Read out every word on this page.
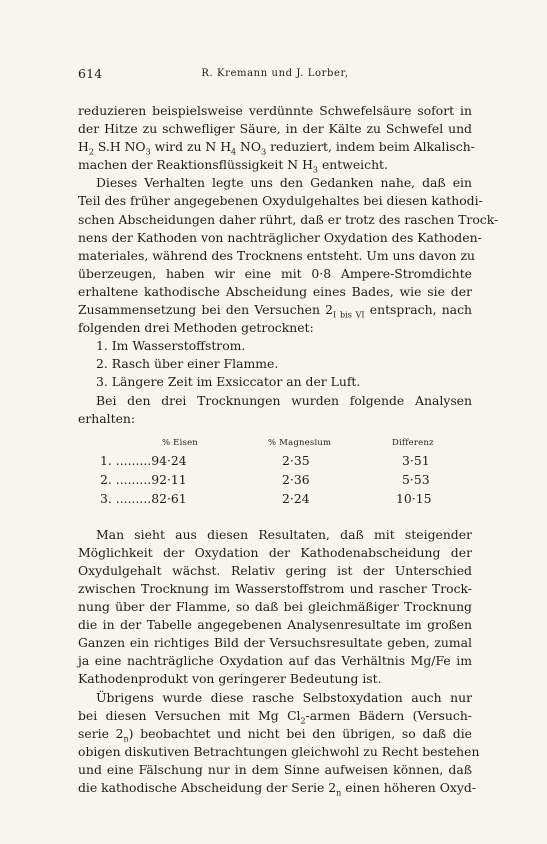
614	R. Kremann und J. Lorber,
reduzieren beispielsweise verdünnte Schwefelsäure sofort in
der Hitze zu schwefliger Säure, in der Kälte zu Schwefel und
$H_2$ S.H $NO_3$ wird zu N $H_4$ $NO_3$ reduziert, indem beim Alkalisch-
machen der Reaktionsflüssigkeit N $H_3$ entweicht.
Dieses Verhalten legte uns den Gedanken nahe, daß ein
Teil des früher angegebenen Oxydulgehaltes bei diesen kathodi-
schen Abscheidungen daher rührt, daß er trotz des raschen Trock-
nens der Kathoden von nachträglicher Oxydation des Kathoden-
materiales, während des Trocknens entsteht. Um uns davon zu
überzeugen, haben wir eine mit 0·8 Ampere-Stromdichte
erhaltene kathodische Abscheidung eines Bades, wie sie der
Zusammensetzung bei den Versuchen $2_{I bis VI}$ entsprach, nach
folgenden drei Methoden getrocknet:
1. Im Wasserstoffstrom.
2. Rasch über einer Flamme.
3. Längere Zeit im Exsiccator an der Luft.
Bei den drei Trocknungen wurden folgende Analysen
erhalten:
% Eisen	% Magnesium	Differenz
1. .........94·24	2·35	3·51
2. .........92·11	2·36	5·53
3. .........82·61	2·24	10·15
Man sieht aus diesen Resultaten, daß mit steigender
Möglichkeit der Oxydation der Kathodenabscheidung der
Oxydulgehalt wächst. Relativ gering ist der Unterschied
zwischen Trocknung im Wasserstoffstrom und rascher Trock-
nung über der Flamme, so daß bei gleichmäßiger Trocknung
die in der Tabelle angegebenen Analysenresultate im großen
Ganzen ein richtiges Bild der Versuchsresultate geben, zumal
ja eine nachträgliche Oxydation auf das Verhältnis Mg/Fe im
Kathodenprodukt von geringerer Bedeutung ist.
Übrigens wurde diese rasche Selbstoxydation auch nur
bei diesen Versuchen mit Mg $Cl_2$-armen Bädern (Versuch-
serie $2_n$) beobachtet und nicht bei den übrigen, so daß die
obigen diskutiven Betrachtungen gleichwohl zu Recht bestehen
und eine Fälschung nur in dem Sinne aufweisen können, daß
die kathodische Abscheidung der Serie $2_n$ einen höheren Oxyd-
